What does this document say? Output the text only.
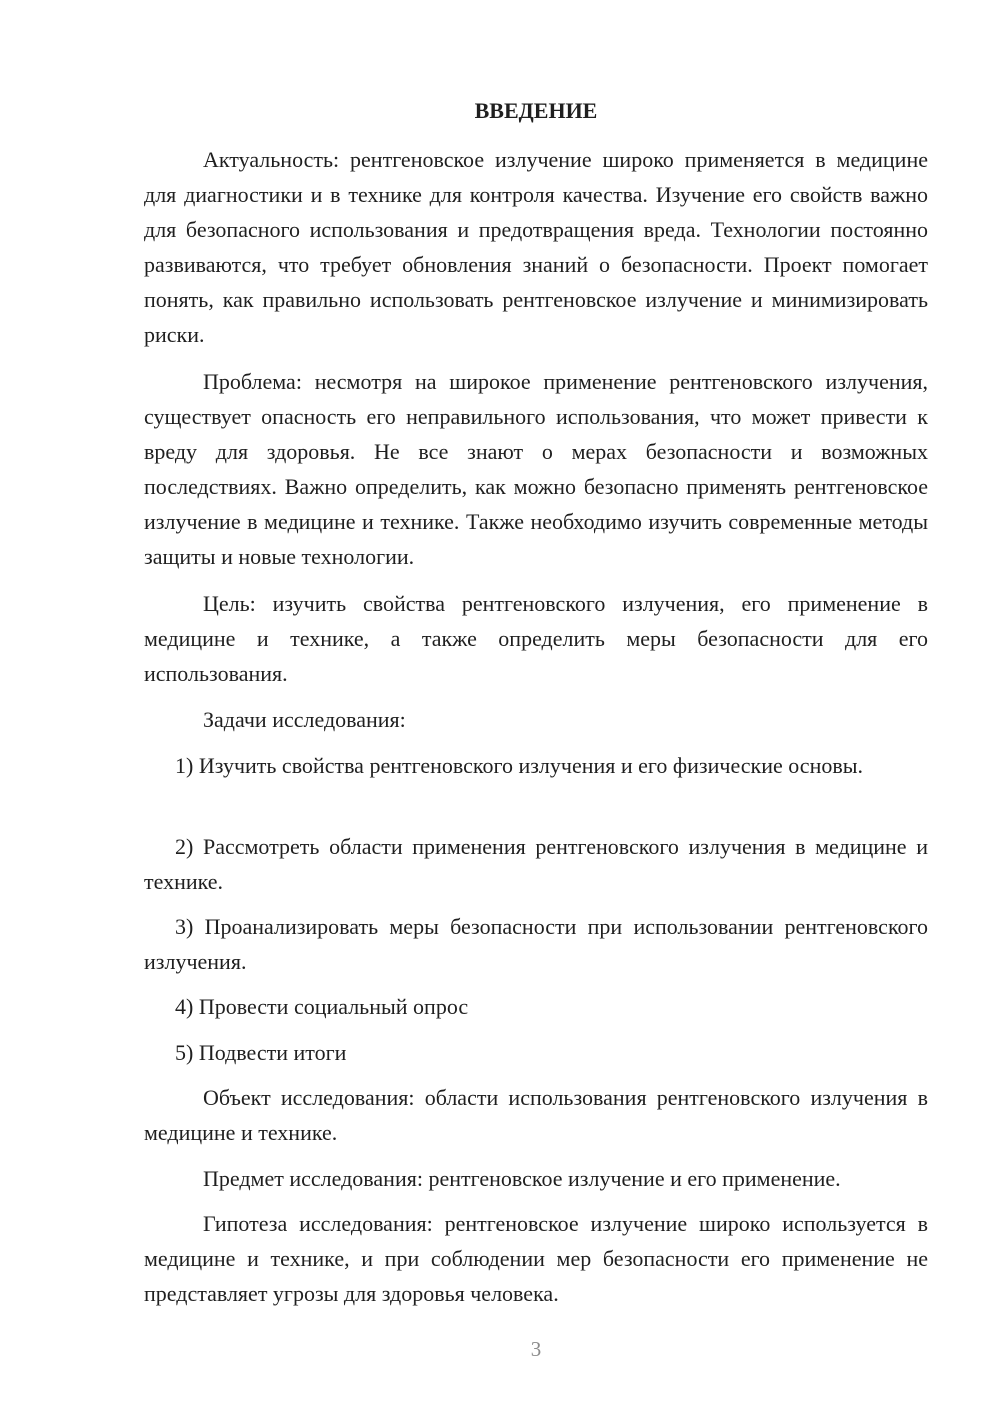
ВВЕДЕНИЕ

Актуальность: рентгеновское излучение широко применяется в медицине для диагностики и в технике для контроля качества. Изучение его свойств важно для безопасного использования и предотвращения вреда. Технологии постоянно развиваются, что требует обновления знаний о безопасности. Проект помогает понять, как правильно использовать рентгеновское излучение и минимизировать риски.

Проблема: несмотря на широкое применение рентгеновского излучения, существует опасность его неправильного использования, что может привести к вреду для здоровья. Не все знают о мерах безопасности и возможных последствиях. Важно определить, как можно безопасно применять рентгеновское излучение в медицине и технике. Также необходимо изучить современные методы защиты и новые технологии.

Цель: изучить свойства рентгеновского излучения, его применение в медицине и технике, а также определить меры безопасности для его использования.

Задачи исследования:

1) Изучить свойства рентгеновского излучения и его физические основы.

2) Рассмотреть области применения рентгеновского излучения в медицине и технике.

3) Проанализировать меры безопасности при использовании рентгеновского излучения.

4) Провести социальный опрос

5) Подвести итоги

Объект исследования: области использования рентгеновского излучения в медицине и технике.

Предмет исследования: рентгеновское излучение и его применение.

Гипотеза исследования: рентгеновское излучение широко используется в медицине и технике, и при соблюдении мер безопасности его применение не представляет угрозы для здоровья человека.

3
